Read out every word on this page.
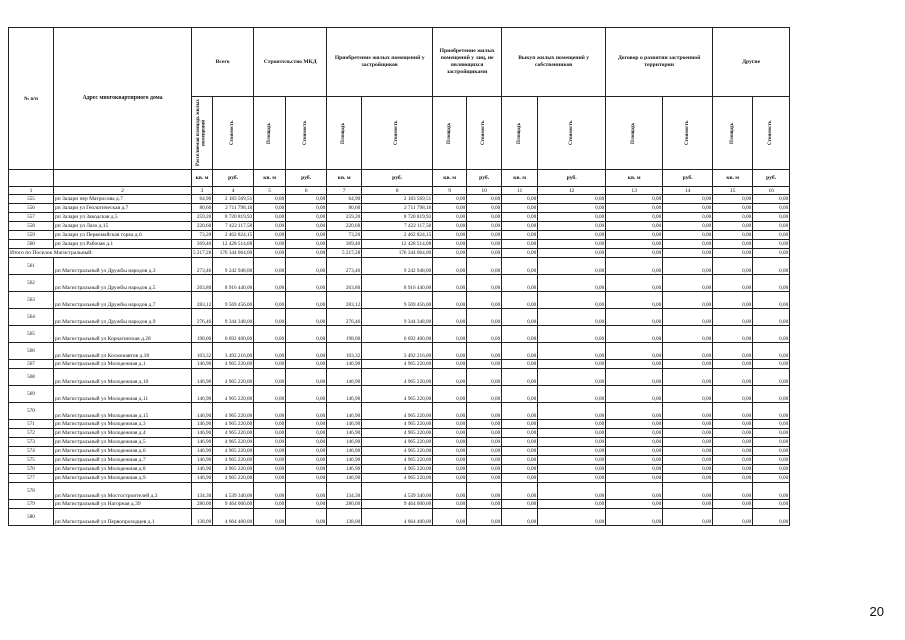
№ п/п	Адрес многоквартирного дома	Всего		Строительство МКД		Приобретение жилых помещений у застройщиков		Приобретение жилых помещений у лиц, не являющихся застройщиками		Выкуп жилых помещений у собственников		Договор о развитии застроенной территории		Другие	

		Расселяемая площадь жилых помещений	Стоимость	Площадь	Стоимость	Площадь	Стоимость	Площадь	Стоимость	Площадь	Стоимость	Площадь	Стоимость	Площадь	Стоимость

		кв. м	руб.	кв. м	руб.	кв. м	руб.	кв. м	руб.	кв. м	руб.	кв. м	руб.	кв. м	руб.
1	2	3	4	5	6	7	8	9	10	11	12	13	14	15	16
555	рп Залари пер Матросова д.7	64,90	2 183 569,51	0,00	0,00	64,90	2 183 569,51	0,00	0,00	0,00	0,00	0,00	0,00	0,00	0,00
556	рп Залари ул Геологическая д.7	80,60	2 711 798,18	0,00	0,00	80,60	2 711 798,18	0,00	0,00	0,00	0,00	0,00	0,00	0,00	0,00
557	рп Залари ул Заводская д.5	259,20	8 720 819,93	0,00	0,00	259,20	8 720 819,93	0,00	0,00	0,00	0,00	0,00	0,00	0,00	0,00
558	рп Залари ул Лазо д.15	220,60	7 422 117,58	0,00	0,00	220,60	7 422 117,58	0,00	0,00	0,00	0,00	0,00	0,00	0,00	0,00
559	рп Залари ул Первомайская горка д.6	73,20	2 462 824,15	0,00	0,00	73,20	2 462 824,15	0,00	0,00	0,00	0,00	0,00	0,00	0,00	0,00
560	рп Залари ул Рабочая д.1	369,40	12 428 514,08	0,00	0,00	369,40	12 428 514,08	0,00	0,00	0,00	0,00	0,00	0,00	0,00	0,00
Итого по Поселок Магистральный:		5 217,28	176 344 064,00	0,00	0,00	5 217,28	176 344 064,00	0,00	0,00	0,00	0,00	0,00	0,00	0,00	0,00
561	рп Магистральный ул Дружбы народов д.3	273,46	9 242 948,00	0,00	0,00	273,46	9 242 948,00	0,00	0,00	0,00	0,00	0,00	0,00	0,00	0,00
562	рп Магистральный ул Дружбы народов д.5	263,80	8 916 440,00	0,00	0,00	263,80	8 916 440,00	0,00	0,00	0,00	0,00	0,00	0,00	0,00	0,00
563	рп Магистральный ул Дружбы народов д.7	283,12	9 569 456,00	0,00	0,00	283,12	9 569 456,00	0,00	0,00	0,00	0,00	0,00	0,00	0,00	0,00
564	рп Магистральный ул Дружбы народов д.9	276,46	9 344 348,00	0,00	0,00	276,46	9 344 348,00	0,00	0,00	0,00	0,00	0,00	0,00	0,00	0,00
565	рп Магистральный ул Корчагинская д.28	198,00	6 692 400,00	0,00	0,00	198,00	6 692 400,00	0,00	0,00	0,00	0,00	0,00	0,00	0,00	0,00
566	рп Магистральный ул Космонавтов д.18	103,32	3 492 216,00	0,00	0,00	103,32	3 492 216,00	0,00	0,00	0,00	0,00	0,00	0,00	0,00	0,00
567	рп Магистральный ул Молодежная д.1	146,90	4 965 220,00	0,00	0,00	146,90	4 965 220,00	0,00	0,00	0,00	0,00	0,00	0,00	0,00	0,00
568	рп Магистральный ул Молодежная д.10	146,90	4 965 220,00	0,00	0,00	146,90	4 965 220,00	0,00	0,00	0,00	0,00	0,00	0,00	0,00	0,00
569	рп Магистральный ул Молодежная д.11	146,90	4 965 220,00	0,00	0,00	146,90	4 965 220,00	0,00	0,00	0,00	0,00	0,00	0,00	0,00	0,00
570	рп Магистральный ул Молодежная д.15	146,90	4 965 220,00	0,00	0,00	146,90	4 965 220,00	0,00	0,00	0,00	0,00	0,00	0,00	0,00	0,00
571	рп Магистральный ул Молодежная д.3	146,90	4 965 220,00	0,00	0,00	146,90	4 965 220,00	0,00	0,00	0,00	0,00	0,00	0,00	0,00	0,00
572	рп Магистральный ул Молодежная д.4	146,90	4 965 220,00	0,00	0,00	146,90	4 965 220,00	0,00	0,00	0,00	0,00	0,00	0,00	0,00	0,00
573	рп Магистральный ул Молодежная д.5	146,90	4 965 220,00	0,00	0,00	146,90	4 965 220,00	0,00	0,00	0,00	0,00	0,00	0,00	0,00	0,00
574	рп Магистральный ул Молодежная д.6	146,90	4 965 220,00	0,00	0,00	146,90	4 965 220,00	0,00	0,00	0,00	0,00	0,00	0,00	0,00	0,00
575	рп Магистральный ул Молодежная д.7	146,90	4 965 220,00	0,00	0,00	146,90	4 965 220,00	0,00	0,00	0,00	0,00	0,00	0,00	0,00	0,00
576	рп Магистральный ул Молодежная д.8	146,90	4 965 220,00	0,00	0,00	146,90	4 965 220,00	0,00	0,00	0,00	0,00	0,00	0,00	0,00	0,00
577	рп Магистральный ул Молодежная д.9	146,90	4 965 220,00	0,00	0,00	146,90	4 965 220,00	0,00	0,00	0,00	0,00	0,00	0,00	0,00	0,00
578	рп Магистральный ул Мостостроителей д.3	134,30	4 539 340,00	0,00	0,00	134,30	4 539 340,00	0,00	0,00	0,00	0,00	0,00	0,00	0,00	0,00
579	рп Магистральный ул Нагорная д.39	280,00	9 464 000,00	0,00	0,00	280,00	9 464 000,00	0,00	0,00	0,00	0,00	0,00	0,00	0,00	0,00
580	рп Магистральный ул Первопроходцев д.1	138,00	4 664 400,00	0,00	0,00	138,00	4 664 400,00	0,00	0,00	0,00	0,00	0,00	0,00	0,00	0,00
20
